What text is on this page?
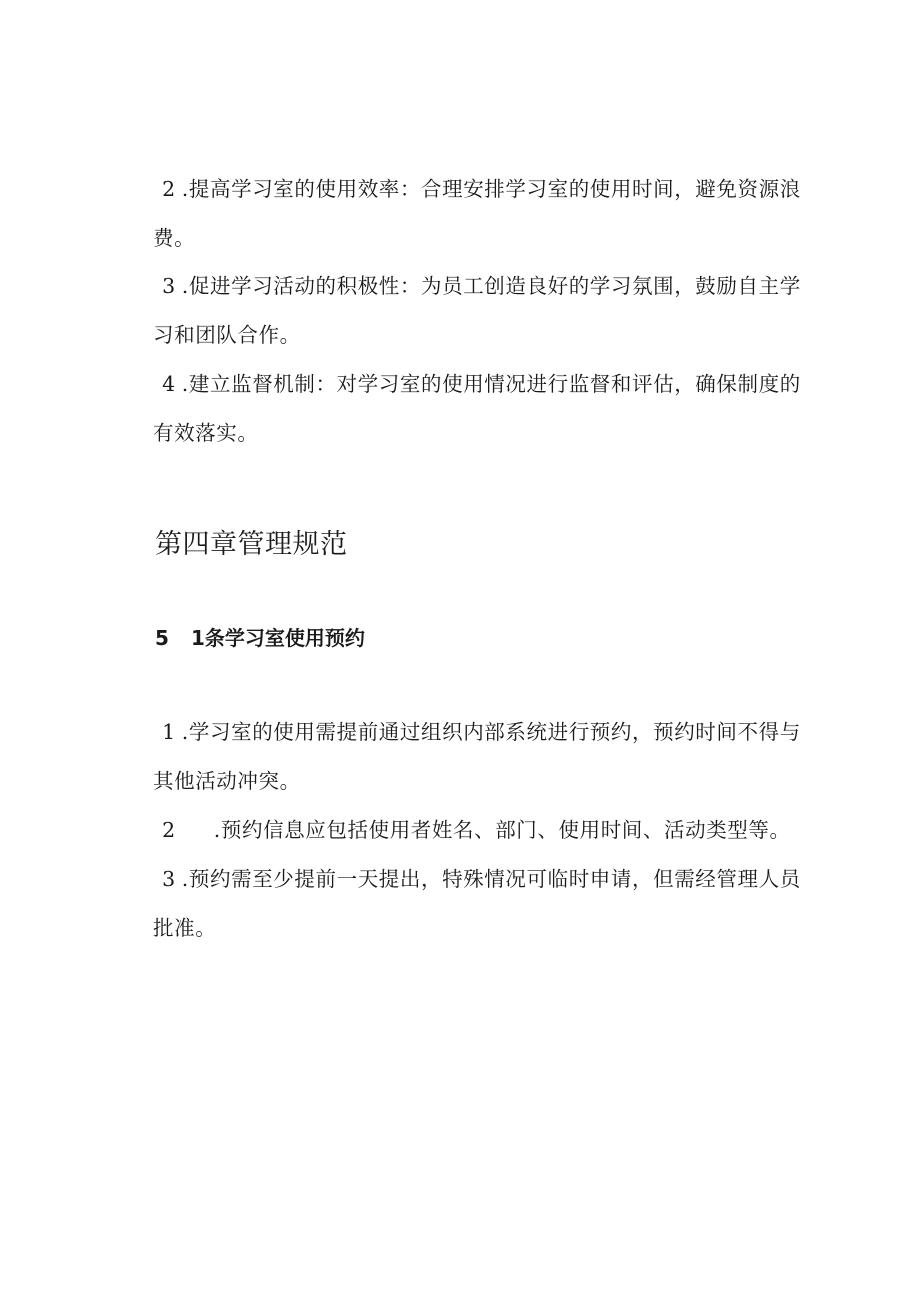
2 .提高学习室的使用效率：合理安排学习室的使用时间，避免资源浪
费。
3 .促进学习活动的积极性：为员工创造良好的学习氛围，鼓励自主学
习和团队合作。
4 .建立监督机制：对学习室的使用情况进行监督和评估，确保制度的
有效落实。
第四章管理规范
5 1条学习室使用预约
1 .学习室的使用需提前通过组织内部系统进行预约，预约时间不得与
其他活动冲突。
2 .预约信息应包括使用者姓名、部门、使用时间、活动类型等。
3 .预约需至少提前一天提出，特殊情况可临时申请，但需经管理人员
批准。
